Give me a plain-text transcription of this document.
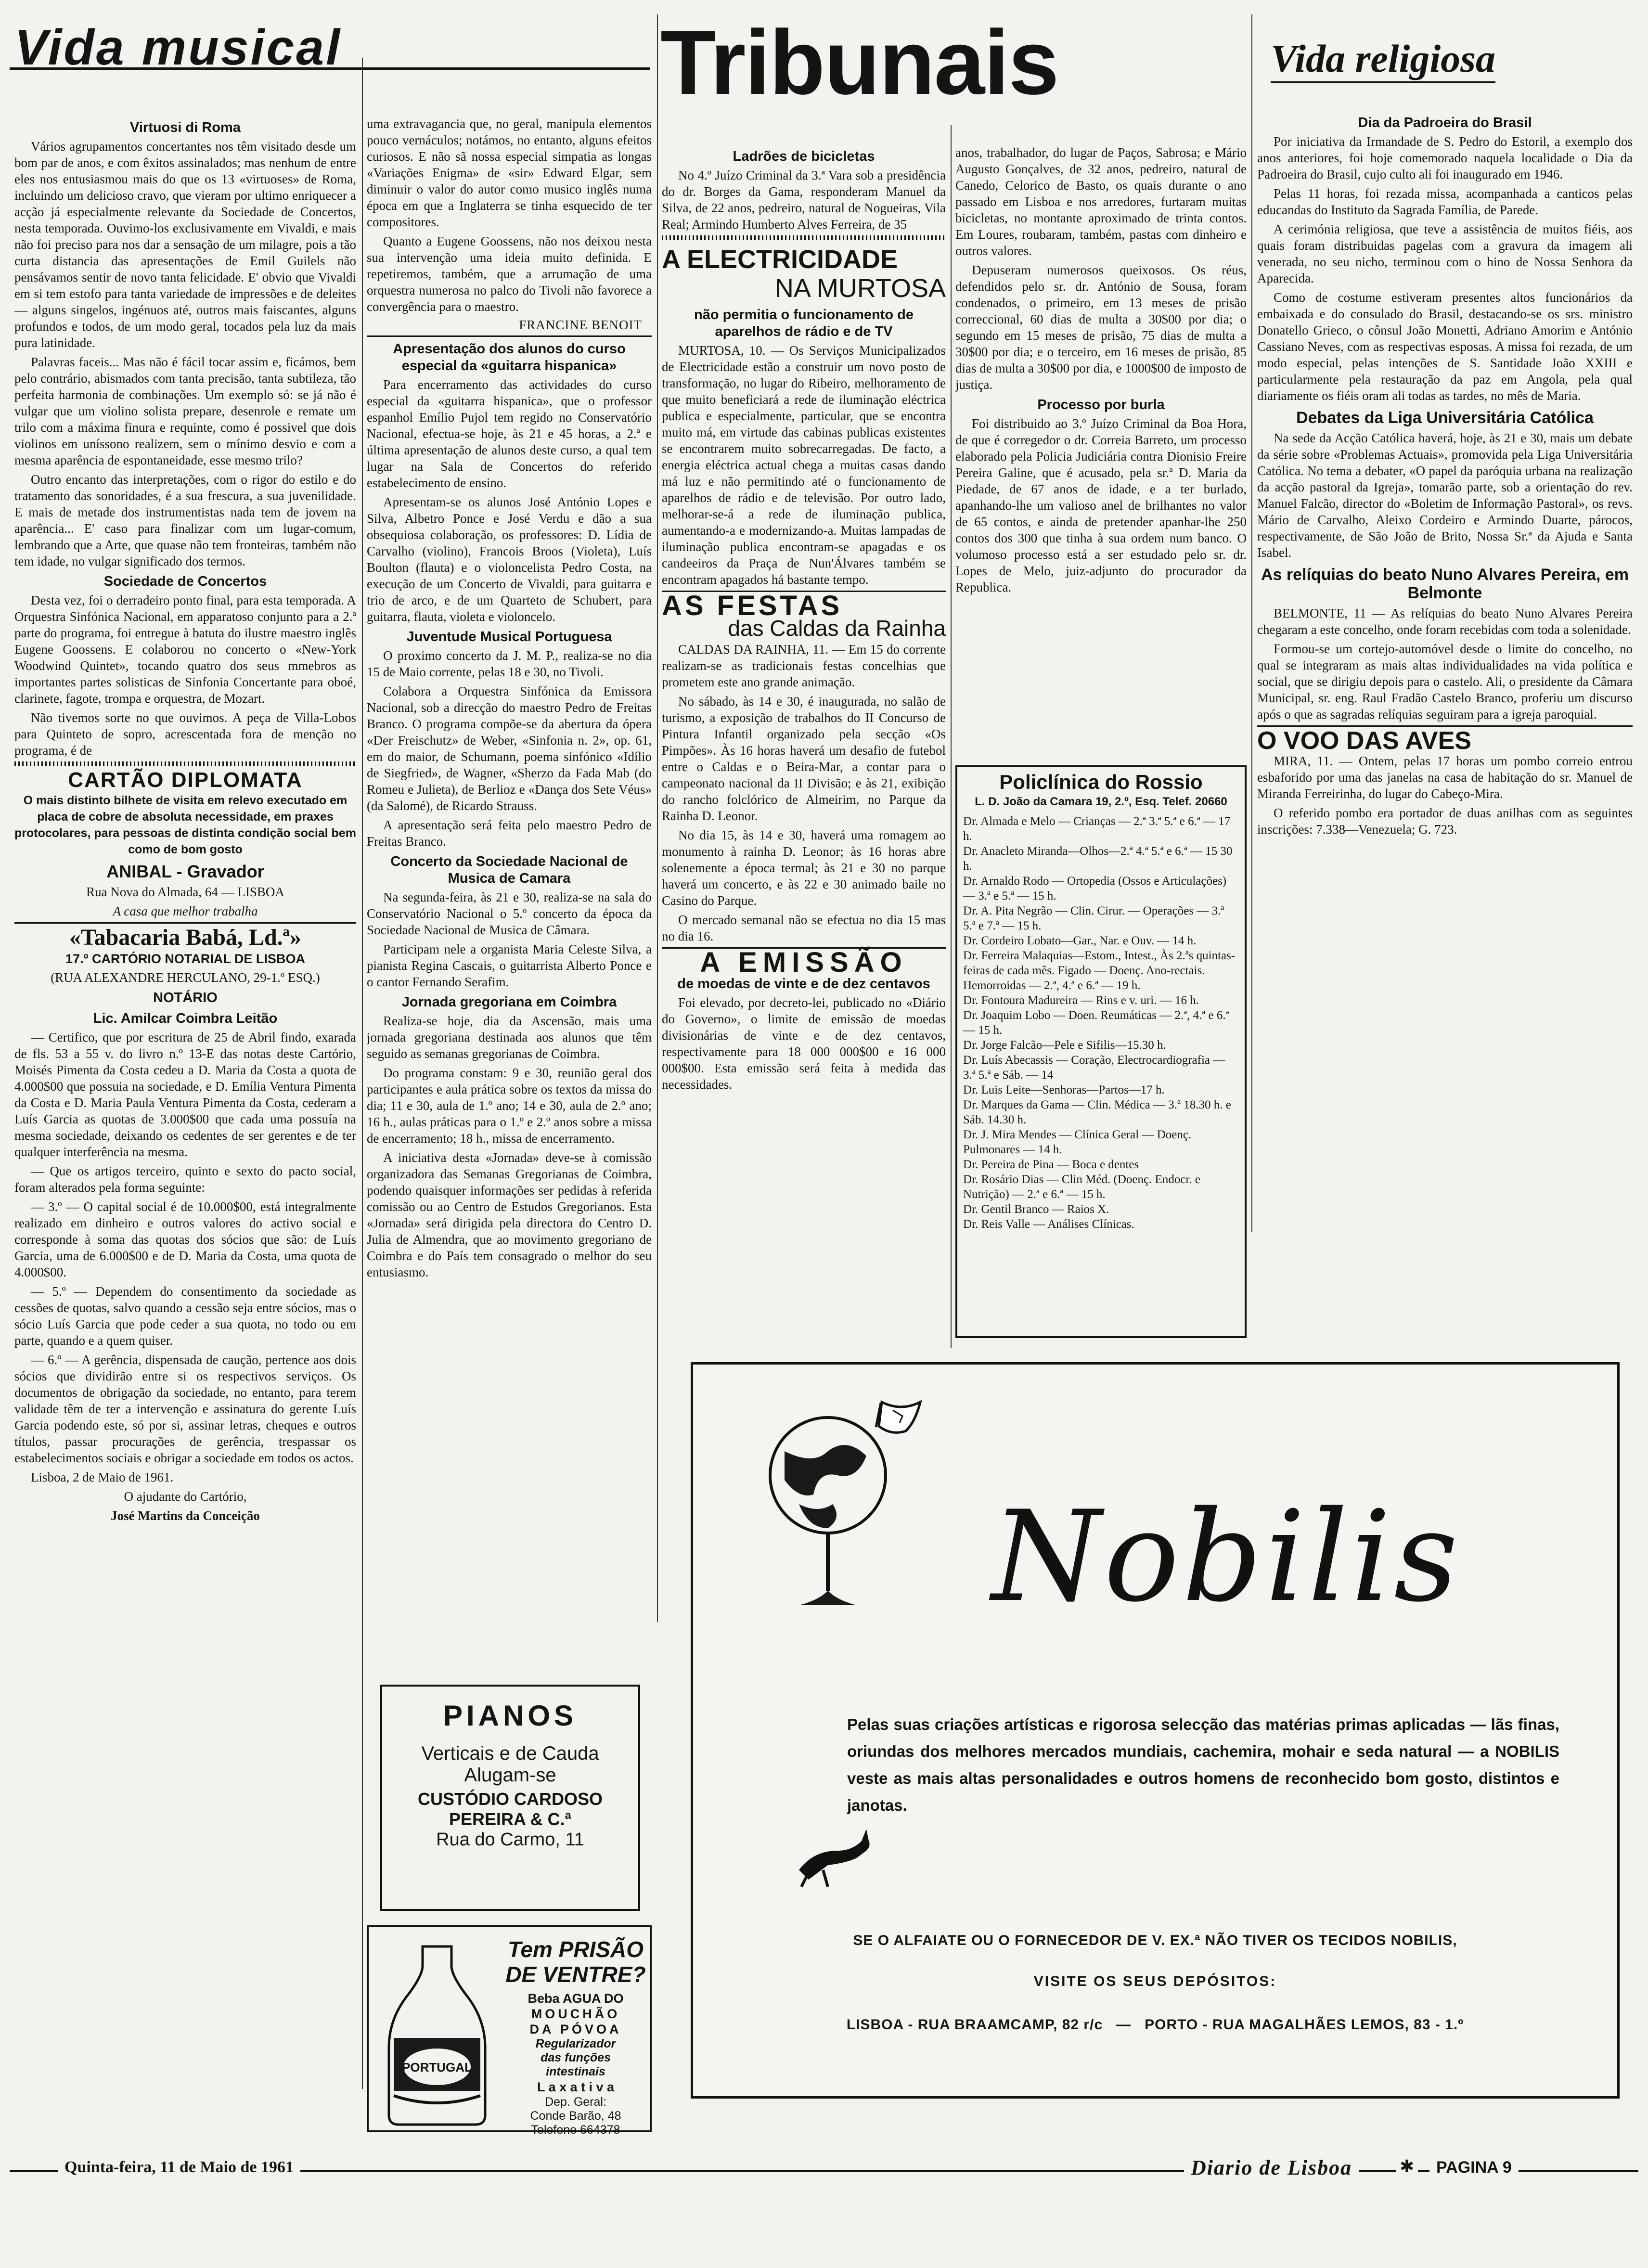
Vida musical	Tribunais	Vida religiosa
Virtuosi di Roma

Vários agrupamentos concertantes nos têm visitado desde um bom par de anos, e com êxitos assinalados; mas nenhum de entre eles nos entusiasmou mais do que os 13 «virtuoses» de Roma, incluindo um delicioso cravo, que vieram por ultimo enriquecer a acção já especialmente relevante da Sociedade de Concertos, nesta temporada. Ouvimo-los exclusivamente em Vivaldi, e mais não foi preciso para nos dar a sensação de um milagre, pois a tão curta distancia das apresentações de Emil Guilels não pensávamos sentir de novo tanta felicidade. E' obvio que Vivaldi em si tem estofo para tanta variedade de impressões e de deleites — alguns singelos, ingénuos até, outros mais faiscantes, alguns profundos e todos, de um modo geral, tocados pela luz da mais pura latinidade.

Palavras faceis... Mas não é fácil tocar assim e, ficámos, bem pelo contrário, abismados com tanta precisão, tanta subtileza, tão perfeita harmonia de combinações. Um exemplo só: se já não é vulgar que um violino solista prepare, desenrole e remate um trilo com a máxima finura e requinte, como é possivel que dois violinos em uníssono realizem, sem o mínimo desvio e com a mesma aparência de espontaneidade, esse mesmo trilo?

Outro encanto das interpretações, com o rigor do estilo e do tratamento das sonoridades, é a sua frescura, a sua juvenilidade. E mais de metade dos instrumentistas nada tem de jovem na aparência... E' caso para finalizar com um lugar-comum, lembrando que a Arte, que quase não tem fronteiras, também não tem idade, no vulgar significado dos termos.

Sociedade de Concertos

Desta vez, foi o derradeiro ponto final, para esta temporada. A Orquestra Sinfónica Nacional, em apparatoso conjunto para a 2.ª parte do programa, foi entregue à batuta do ilustre maestro inglês Eugene Goossens. E colaborou no concerto o «New-York Woodwind Quintet», tocando quatro dos seus mmebros as importantes partes solisticas de Sinfonia Concertante para oboé, clarinete, fagote, trompa e orquestra, de Mozart.

Não tivemos sorte no que ouvimos. A peça de Villa-Lobos para Quinteto de sopro, acrescentada fora de menção no programa, é de

CARTÃO DIPLOMATA

O mais distinto bilhete de visita em relevo executado em placa de cobre de absoluta necessidade, em praxes protocolares, para pessoas de distinta condição social bem como de bom gosto

ANIBAL - Gravador

Rua Nova do Almada, 64 — LISBOA

A casa que melhor trabalha

«Tabacaria Babá, Ld.ª»
17.º CARTÓRIO NOTARIAL DE LISBOA

(RUA ALEXANDRE HERCULANO, 29-1.º ESQ.)

NOTÁRIO
Lic. Amilcar Coimbra Leitão

— Certifico, que por escritura de 25 de Abril findo, exarada de fls. 53 a 55 v. do livro n.º 13-E das notas deste Cartório, Moisés Pimenta da Costa cedeu a D. Maria da Costa a quota de 4.000$00 que possuia na sociedade, e D. Emília Ventura Pimenta da Costa e D. Maria Paula Ventura Pimenta da Costa, cederam a Luís Garcia as quotas de 3.000$00 que cada uma possuía na mesma sociedade, deixando os cedentes de ser gerentes e de ter qualquer interferência na mesma.

— Que os artigos terceiro, quinto e sexto do pacto social, foram alterados pela forma seguinte:

— 3.º — O capital social é de 10.000$00, está integralmente realizado em dinheiro e outros valores do activo social e corresponde à soma das quotas dos sócios que são: de Luís Garcia, uma de 6.000$00 e de D. Maria da Costa, uma quota de 4.000$00.

— 5.º — Dependem do consentimento da sociedade as cessões de quotas, salvo quando a cessão seja entre sócios, mas o sócio Luís Garcia que pode ceder a sua quota, no todo ou em parte, quando e a quem quiser.

— 6.º — A gerência, dispensada de caução, pertence aos dois sócios que dividirão entre si os respectivos serviços. Os documentos de obrigação da sociedade, no entanto, para terem validade têm de ter a intervenção e assinatura do gerente Luís Garcia podendo este, só por si, assinar letras, cheques e outros títulos, passar procurações de gerência, trespassar os estabelecimentos sociais e obrigar a sociedade em todos os actos.

Lisboa, 2 de Maio de 1961.

O ajudante do Cartório,

José Martins da Conceição

uma extravagancia que, no geral, manipula elementos pouco vernáculos; notámos, no entanto, alguns efeitos curiosos. E não sã nossa especial simpatia as longas «Variações Enigma» de «sir» Edward Elgar, sem diminuir o valor do autor como musico inglês numa época em que a Inglaterra se tinha esquecido de ter compositores.

Quanto a Eugene Goossens, não nos deixou nesta sua intervenção uma ideia muito definida. E repetiremos, também, que a arrumação de uma orquestra numerosa no palco do Tivoli não favorece a convergência para o maestro.

FRANCINE BENOIT
Apresentação dos alunos do curso especial da «guitarra hispanica»

Para encerramento das actividades do curso especial da «guitarra hispanica», que o professor espanhol Emílio Pujol tem regido no Conservatório Nacional, efectua-se hoje, às 21 e 45 horas, a 2.ª e última apresentação de alunos deste curso, a qual tem lugar na Sala de Concertos do referido estabelecimento de ensino.

Apresentam-se os alunos José António Lopes e Silva, Albetro Ponce e José Verdu e dão a sua obsequiosa colaboração, os professores: D. Lídia de Carvalho (violino), Francois Broos (Violeta), Luís Boulton (flauta) e o violoncelista Pedro Costa, na execução de um Concerto de Vivaldi, para guitarra e trio de arco, e de um Quarteto de Schubert, para guitarra, flauta, violeta e violoncelo.

Juventude Musical Portuguesa

O proximo concerto da J. M. P., realiza-se no dia 15 de Maio corrente, pelas 18 e 30, no Tivoli.

Colabora a Orquestra Sinfónica da Emissora Nacional, sob a direcção do maestro Pedro de Freitas Branco. O programa compõe-se da abertura da ópera «Der Freischutz» de Weber, «Sinfonia n. 2», op. 61, em do maior, de Schumann, poema sinfónico «Idílio de Siegfried», de Wagner, «Sherzo da Fada Mab (do Romeu e Julieta), de Berlioz e «Dança dos Sete Véus» (da Salomé), de Ricardo Strauss.

A apresentação será feita pelo maestro Pedro de Freitas Branco.

Concerto da Sociedade Nacional de Musica de Camara

Na segunda-feira, às 21 e 30, realiza-se na sala do Conservatório Nacional o 5.º concerto da época da Sociedade Nacional de Musica de Câmara.

Participam nele a organista Maria Celeste Silva, a pianista Regina Cascais, o guitarrista Alberto Ponce e o cantor Fernando Serafim.

Jornada gregoriana em Coimbra

Realiza-se hoje, dia da Ascensão, mais uma jornada gregoriana destinada aos alunos que têm seguido as semanas gregorianas de Coimbra.

Do programa constam: 9 e 30, reunião geral dos participantes e aula prática sobre os textos da missa do dia; 11 e 30, aula de 1.º ano; 14 e 30, aula de 2.º ano; 16 h., aulas práticas para o 1.º e 2.º anos sobre a missa de encerramento; 18 h., missa de encerramento.

A iniciativa desta «Jornada» deve-se à comissão organizadora das Semanas Gregorianas de Coimbra, podendo quaisquer informações ser pedidas à referida comissão ou ao Centro de Estudos Gregorianos. Esta «Jornada» será dirigida pela directora do Centro D. Julia de Almendra, que ao movimento gregoriano de Coimbra e do País tem consagrado o melhor do seu entusiasmo.

PIANOS
Verticais e de Cauda
Alugam-se
CUSTÓDIO CARDOSO
PEREIRA & C.ª
Rua do Carmo, 11
PORTUGAL
Tem PRISÃO
DE VENTRE?
Beba AGUA DO
MOUCHÃO
DA PÓVOA
Regularizador
das funções
intestinais
L a x a t i v a
Dep. Geral:
Conde Barão, 48
Telefone 664378
Ladrões de bicicletas

No 4.º Juízo Criminal da 3.ª Vara sob a presidência do dr. Borges da Gama, responderam Manuel da Silva, de 22 anos, pedreiro, natural de Nogueiras, Vila Real; Armindo Humberto Alves Ferreira, de 35

A ELECTRICIDADE
NA MURTOSA
não permitia o funcionamento de aparelhos de rádio e de TV

MURTOSA, 10. — Os Serviços Municipalizados de Electricidade estão a construir um novo posto de transformação, no lugar do Ribeiro, melhoramento de que muito beneficiará a rede de iluminação eléctrica publica e especialmente, particular, que se encontra muito má, em virtude das cabinas publicas existentes se encontrarem muito sobrecarregadas. De facto, a energia eléctrica actual chega a muitas casas dando má luz e não permitindo até o funcionamento de aparelhos de rádio e de televisão. Por outro lado, melhorar-se-á a rede de iluminação publica, aumentando-a e modernizando-a. Muitas lampadas de iluminação publica encontram-se apagadas e os candeeiros da Praça de Nun'Álvares também se encontram apagados há bastante tempo.

AS FESTAS
das Caldas da Rainha

CALDAS DA RAINHA, 11. — Em 15 do corrente realizam-se as tradicionais festas concelhias que prometem este ano grande animação.

No sábado, às 14 e 30, é inaugurada, no salão de turismo, a exposição de trabalhos do II Concurso de Pintura Infantil organizado pela secção «Os Pimpões». Às 16 horas haverá um desafio de futebol entre o Caldas e o Beira-Mar, a contar para o campeonato nacional da II Divisão; e às 21, exibição do rancho folclórico de Almeirim, no Parque da Rainha D. Leonor.

No dia 15, às 14 e 30, haverá uma romagem ao monumento à rainha D. Leonor; às 16 horas abre solenemente a época termal; às 21 e 30 no parque haverá um concerto, e às 22 e 30 animado baile no Casino do Parque.

O mercado semanal não se efectua no dia 15 mas no dia 16.

A EMISSÃO
de moedas de vinte e de dez centavos

Foi elevado, por decreto-lei, publicado no «Diário do Governo», o limite de emissão de moedas divisionárias de vinte e de dez centavos, respectivamente para 18 000 000$00 e 16 000 000$00. Esta emissão será feita à medida das necessidades.

anos, trabalhador, do lugar de Paços, Sabrosa; e Mário Augusto Gonçalves, de 32 anos, pedreiro, natural de Canedo, Celorico de Basto, os quais durante o ano passado em Lisboa e nos arredores, furtaram muitas bicicletas, no montante aproximado de trinta contos. Em Loures, roubaram, também, pastas com dinheiro e outros valores.

Depuseram numerosos queixosos. Os réus, defendidos pelo sr. dr. António de Sousa, foram condenados, o primeiro, em 13 meses de prisão correccional, 60 dias de multa a 30$00 por dia; o segundo em 15 meses de prisão, 75 dias de multa a 30$00 por dia; e o terceiro, em 16 meses de prisão, 85 dias de multa a 30$00 por dia, e 1000$00 de imposto de justiça.

Processo por burla

Foi distribuido ao 3.º Juízo Criminal da Boa Hora, de que é corregedor o dr. Correia Barreto, um processo elaborado pela Policia Judiciária contra Dionisio Freire Pereira Galine, que é acusado, pela sr.ª D. Maria da Piedade, de 67 anos de idade, e a ter burlado, apanhando-lhe um valioso anel de brilhantes no valor de 65 contos, e ainda de pretender apanhar-lhe 250 contos dos 300 que tinha à sua ordem num banco. O volumoso processo está a ser estudado pelo sr. dr. Lopes de Melo, juiz-adjunto do procurador da Republica.

Policlínica do Rossio
L. D. João da Camara 19, 2.º, Esq. Telef. 20660

Dr. Almada e Melo — Crianças — 2.ª 3.ª 5.ª e 6.ª — 17 h.

Dr. Anacleto Miranda—Olhos—2.ª 4.ª 5.ª e 6.ª — 15 30 h.

Dr. Arnaldo Rodo — Ortopedia (Ossos e Articulações) — 3.ª e 5.ª — 15 h.

Dr. A. Pita Negrão — Clin. Cirur. — Operações — 3.ª 5.ª e 7.ª — 15 h.

Dr. Cordeiro Lobato—Gar., Nar. e Ouv. — 14 h.

Dr. Ferreira Malaquias—Estom., Intest., Às 2.ªs quintas-feiras de cada mês. Figado — Doenç. Ano-rectais. Hemorroidas — 2.ª, 4.ª e 6.ª — 19 h.

Dr. Fontoura Madureira — Rins e v. uri. — 16 h.

Dr. Joaquim Lobo — Doen. Reumáticas — 2.ª, 4.ª e 6.ª — 15 h.

Dr. Jorge Falcão—Pele e Sifilis—15.30 h.

Dr. Luís Abecassis — Coração, Electrocardiografia — 3.ª 5.ª e Sáb. — 14

Dr. Luis Leite—Senhoras—Partos—17 h.

Dr. Marques da Gama — Clin. Médica — 3.ª 18.30 h. e Sáb. 14.30 h.

Dr. J. Mira Mendes — Clínica Geral — Doenç. Pulmonares — 14 h.

Dr. Pereira de Pina — Boca e dentes

Dr. Rosário Dias — Clin Méd. (Doenç. Endocr. e Nutrição) — 2.ª e 6.ª — 15 h.

Dr. Gentil Branco — Raios X.

Dr. Reis Valle — Análises Clínicas.

Dia da Padroeira do Brasil

Por iniciativa da Irmandade de S. Pedro do Estoril, a exemplo dos anos anteriores, foi hoje comemorado naquela localidade o Dia da Padroeira do Brasil, cujo culto ali foi inaugurado em 1946.

Pelas 11 horas, foi rezada missa, acompanhada a canticos pelas educandas do Instituto da Sagrada Família, de Parede.

A cerimónia religiosa, que teve a assistência de muitos fiéis, aos quais foram distribuidas pagelas com a gravura da imagem ali venerada, no seu nicho, terminou com o hino de Nossa Senhora da Aparecida.

Como de costume estiveram presentes altos funcionários da embaixada e do consulado do Brasil, destacando-se os srs. ministro Donatello Grieco, o cônsul João Monetti, Adriano Amorim e António Cassiano Neves, com as respectivas esposas. A missa foi rezada, de um modo especial, pelas intenções de S. Santidade João XXIII e particularmente pela restauração da paz em Angola, pela qual diariamente os fiéis oram ali todas as tardes, no mês de Maria.

Debates da Liga Universitária Católica

Na sede da Acção Católica haverá, hoje, às 21 e 30, mais um debate da série sobre «Problemas Actuais», promovida pela Liga Universitária Católica. No tema a debater, «O papel da paróquia urbana na realização da acção pastoral da Igreja», tomarão parte, sob a orientação do rev. Manuel Falcão, director do «Boletim de Informação Pastoral», os revs. Mário de Carvalho, Aleixo Cordeiro e Armindo Duarte, párocos, respectivamente, de São João de Brito, Nossa Sr.ª da Ajuda e Santa Isabel.

As relíquias do beato Nuno Alvares Pereira, em Belmonte

BELMONTE, 11 — As relíquias do beato Nuno Alvares Pereira chegaram a este concelho, onde foram recebidas com toda a solenidade.

Formou-se um cortejo-automóvel desde o limite do concelho, no qual se integraram as mais altas individualidades na vida política e social, que se dirigiu depois para o castelo. Ali, o presidente da Câmara Municipal, sr. eng. Raul Fradão Castelo Branco, proferiu um discurso após o que as sagradas relíquias seguiram para a igreja paroquial.

O VOO DAS AVES

MIRA, 11. — Ontem, pelas 17 horas um pombo correio entrou esbaforido por uma das janelas na casa de habitação do sr. Manuel de Miranda Ferreirinha, do lugar do Cabeço-Mira.

O referido pombo era portador de duas anilhas com as seguintes inscrições: 7.338—Venezuela; G. 723.

Nobilis
Pelas suas criações artísticas e rigorosa selecção das matérias primas aplicadas — lãs finas, oriundas dos melhores mercados mundiais, cachemira, mohair e seda natural — a NOBILIS veste as mais altas personalidades e outros homens de reconhecido bom gosto, distintos e janotas.
SE O ALFAIATE OU O FORNECEDOR DE V. EX.ª NÃO TIVER OS TECIDOS NOBILIS,
VISITE OS SEUS DEPÓSITOS:
LISBOA - RUA BRAAMCAMP, 82 r/c   —   PORTO - RUA MAGALHÃES LEMOS, 83 - 1.º
Quinta-feira, 11 de Maio de 1961	Diario de Lisboa	✱	PAGINA 9
